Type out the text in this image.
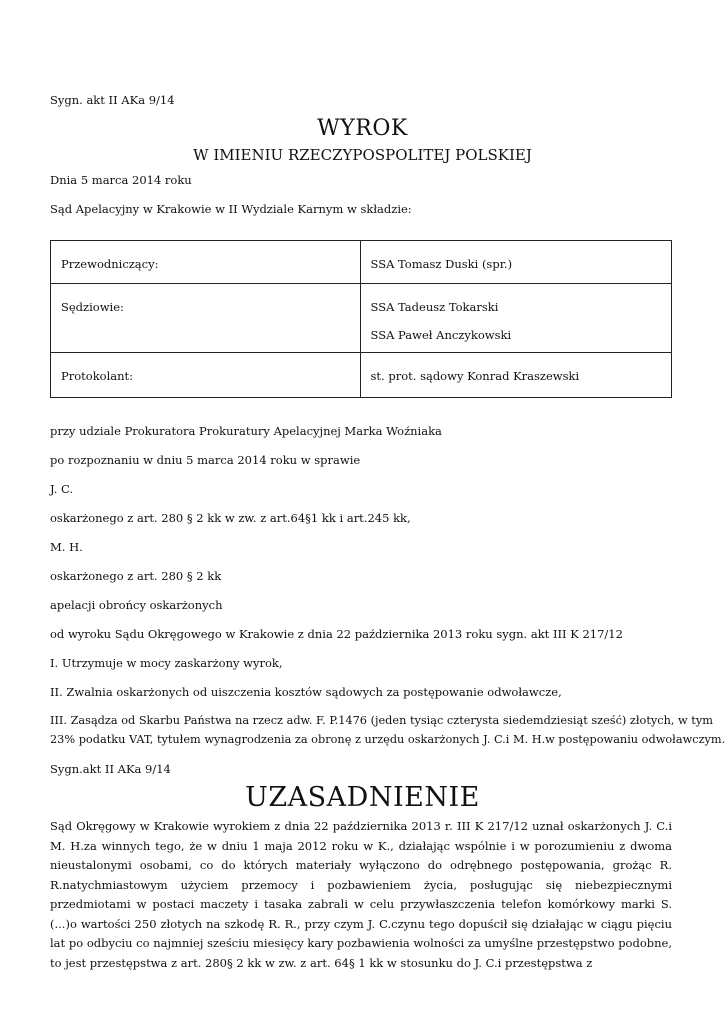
Sygn. akt II AKa 9/14
WYROK
W IMIENIU RZECZYPOSPOLITEJ POLSKIEJ
Dnia 5 marca 2014 roku
Sąd Apelacyjny w Krakowie w II Wydziale Karnym w składzie:
Przewodniczący:	SSA Tomasz Duski (spr.)

Sędziowie:	SSA Tadeusz Tokarski
SSA Paweł Anczykowski

Protokolant:	st. prot. sądowy Konrad Kraszewski
przy udziale Prokuratora Prokuratury Apelacyjnej Marka Woźniaka
po rozpoznaniu w dniu 5 marca 2014 roku w sprawie
J. C.
oskarżonego z art. 280 § 2 kk w zw. z art.64§1 kk i art.245 kk,
M. H.
oskarżonego z art. 280 § 2 kk
apelacji obrońcy oskarżonych
od wyroku Sądu Okręgowego w Krakowie z dnia 22 października 2013 roku sygn. akt III K 217/12
I. Utrzymuje w mocy zaskarżony wyrok,
II. Zwalnia oskarżonych od uiszczenia kosztów sądowych za postępowanie odwoławcze,
III. Zasądza od Skarbu Państwa na rzecz adw. F. P.1476 (jeden tysiąc czterysta siedemdziesiąt sześć) złotych, w tym
23% podatku VAT, tytułem wynagrodzenia za obronę z urzędu oskarżonych J. C.i M. H.w postępowaniu odwoławczym.
Sygn.akt II AKa 9/14
UZASADNIENIE
Sąd Okręgowy w Krakowie wyrokiem z dnia 22 października 2013 r. III K 217/12 uznał oskarżonych J. C.i M. H.za winnych tego, że w dniu 1 maja 2012 roku w K., działając wspólnie i w porozumieniu z dwoma nieustalonymi osobami, co do których materiały wyłączono do odrębnego postępowania, grożąc R. R.natychmiastowym użyciem przemocy i pozbawieniem życia, posługując się niebezpiecznymi przedmiotami w postaci maczety i tasaka zabrali w celu przywłaszczenia telefon komórkowy marki S. (...)o wartości 250 złotych na szkodę R. R., przy czym J. C.czynu tego dopuścił się działając w ciągu pięciu lat po odbyciu co najmniej sześciu miesięcy kary pozbawienia wolności za umyślne przestępstwo podobne, to jest przestępstwa z art. 280§ 2 kk w zw. z art. 64§ 1 kk w stosunku do J. C.i przestępstwa z
